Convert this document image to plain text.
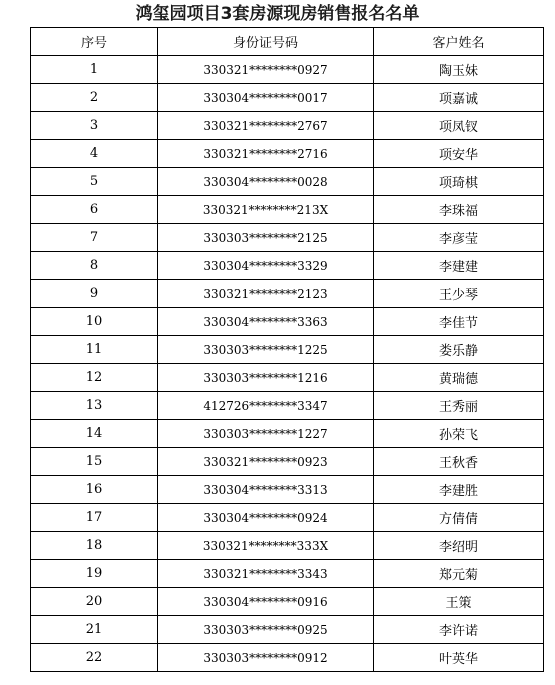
鸿玺园项目3套房源现房销售报名名单
序号	身份证号码	客户姓名
1	330321********0927	陶玉妹
2	330304********0017	项嘉诚
3	330321********2767	项凤钗
4	330321********2716	项安华
5	330304********0028	项琦棋
6	330321********213X	李珠福
7	330303********2125	李彦莹
8	330304********3329	李建建
9	330321********2123	王少琴
10	330304********3363	李佳节
11	330303********1225	娄乐静
12	330303********1216	黄瑞德
13	412726********3347	王秀丽
14	330303********1227	孙荣飞
15	330321********0923	王秋香
16	330304********3313	李建胜
17	330304********0924	方倩倩
18	330321********333X	李绍明
19	330321********3343	郑元菊
20	330304********0916	王策
21	330303********0925	李许诺
22	330303********0912	叶英华
